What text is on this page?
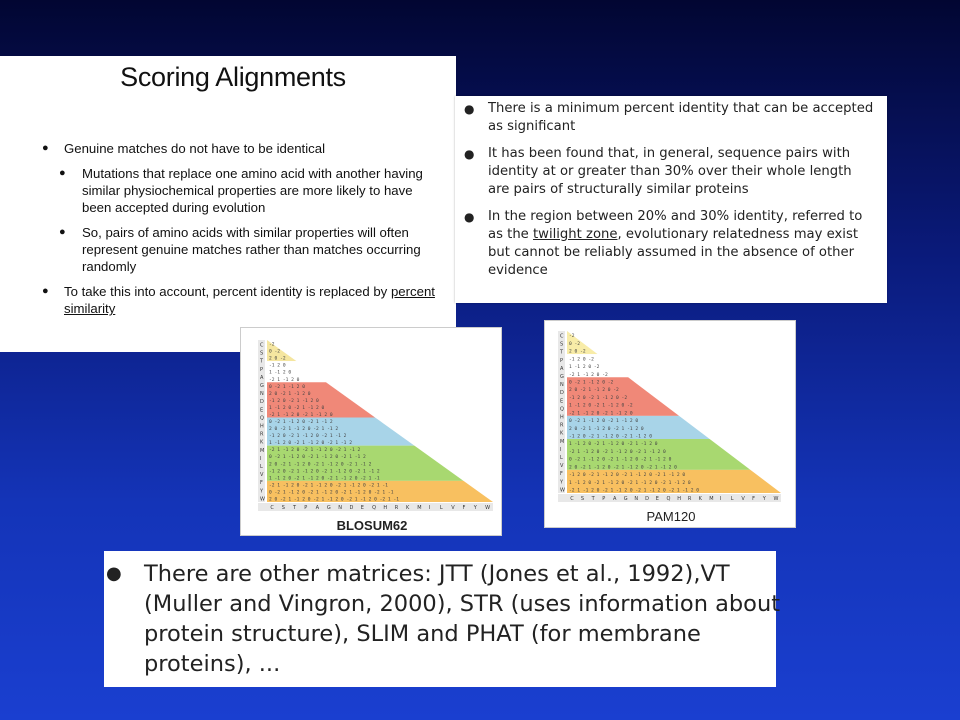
Scoring Alignments
● Genuine matches do not have to be identical
● Mutations that replace one amino acid with another having similar physiochemical properties are more likely to have been accepted during evolution
● So, pairs of amino acids with similar properties will often represent genuine matches rather than matches occurring randomly
● To take this into account, percent identity is replaced by percent similarity
● There is a minimum percent identity that can be accepted as significant
● It has been found that, in general, sequence pairs with identity at or greater than 30% over their whole length are pairs of structurally similar proteins
● In the region between 20% and 30% identity, referred to as the twilight zone, evolutionary relatedness may exist but cannot be reliably assumed in the absence of other evidence
-2
0 -2
2 0 -2
-1 2 0
1 -1 2 0
-2 1 -1 2 0
0 -2 1 -1 2 0
2 0 -2 1 -1 2 0
-1 2 0 -2 1 -1 2 0
1 -1 2 0 -2 1 -1 2 0
-2 1 -1 2 0 -2 1 -1 2 0
0 -2 1 -1 2 0 -2 1 -1 2
2 0 -2 1 -1 2 0 -2 1 -1 2
-1 2 0 -2 1 -1 2 0 -2 1 -1 2
1 -1 2 0 -2 1 -1 2 0 -2 1 -1 2
-2 1 -1 2 0 -2 1 -1 2 0 -2 1 -1 2
0 -2 1 -1 2 0 -2 1 -1 2 0 -2 1 -1 2
2 0 -2 1 -1 2 0 -2 1 -1 2 0 -2 1 -1 2
-1 2 0 -2 1 -1 2 0 -2 1 -1 2 0 -2 1 -1 2
1 -1 2 0 -2 1 -1 2 0 -2 1 -1 2 0 -2 1 -1
-2 1 -1 2 0 -2 1 -1 2 0 -2 1 -1 2 0 -2 1 -1
0 -2 1 -1 2 0 -2 1 -1 2 0 -2 1 -1 2 0 -2 1 -1
2 0 -2 1 -1 2 0 -2 1 -1 2 0 -2 1 -1 2 0 -2 1 -1
C
S
T
P
A
G
N
D
E
Q
H
R
K
M
I
L
V
F
Y
W
C S T P A G N D E Q H R K M I L V F Y W
BLOSUM62
-2
0 -2
2 0 -2
-1 2 0 -2
1 -1 2 0 -2
-2 1 -1 2 0 -2
0 -2 1 -1 2 0 -2
2 0 -2 1 -1 2 0 -2
-1 2 0 -2 1 -1 2 0 -2
1 -1 2 0 -2 1 -1 2 0 -2
-2 1 -1 2 0 -2 1 -1 2 0
0 -2 1 -1 2 0 -2 1 -1 2 0
2 0 -2 1 -1 2 0 -2 1 -1 2 0
-1 2 0 -2 1 -1 2 0 -2 1 -1 2 0
1 -1 2 0 -2 1 -1 2 0 -2 1 -1 2 0
-2 1 -1 2 0 -2 1 -1 2 0 -2 1 -1 2 0
0 -2 1 -1 2 0 -2 1 -1 2 0 -2 1 -1 2 0
2 0 -2 1 -1 2 0 -2 1 -1 2 0 -2 1 -1 2 0
-1 2 0 -2 1 -1 2 0 -2 1 -1 2 0 -2 1 -1 2 0
1 -1 2 0 -2 1 -1 2 0 -2 1 -1 2 0 -2 1 -1 2 0
-2 1 -1 2 0 -2 1 -1 2 0 -2 1 -1 2 0 -2 1 -1 2 0
C
S
T
P
A
G
N
D
E
Q
H
R
K
M
I
L
V
F
Y
W
C S T P A G N D E Q H R K M I L V F Y W
PAM120
● There are other matrices: JTT (Jones et al., 1992),VT (Muller and Vingron, 2000), STR (uses information about protein structure), SLIM and PHAT (for membrane proteins), ...
